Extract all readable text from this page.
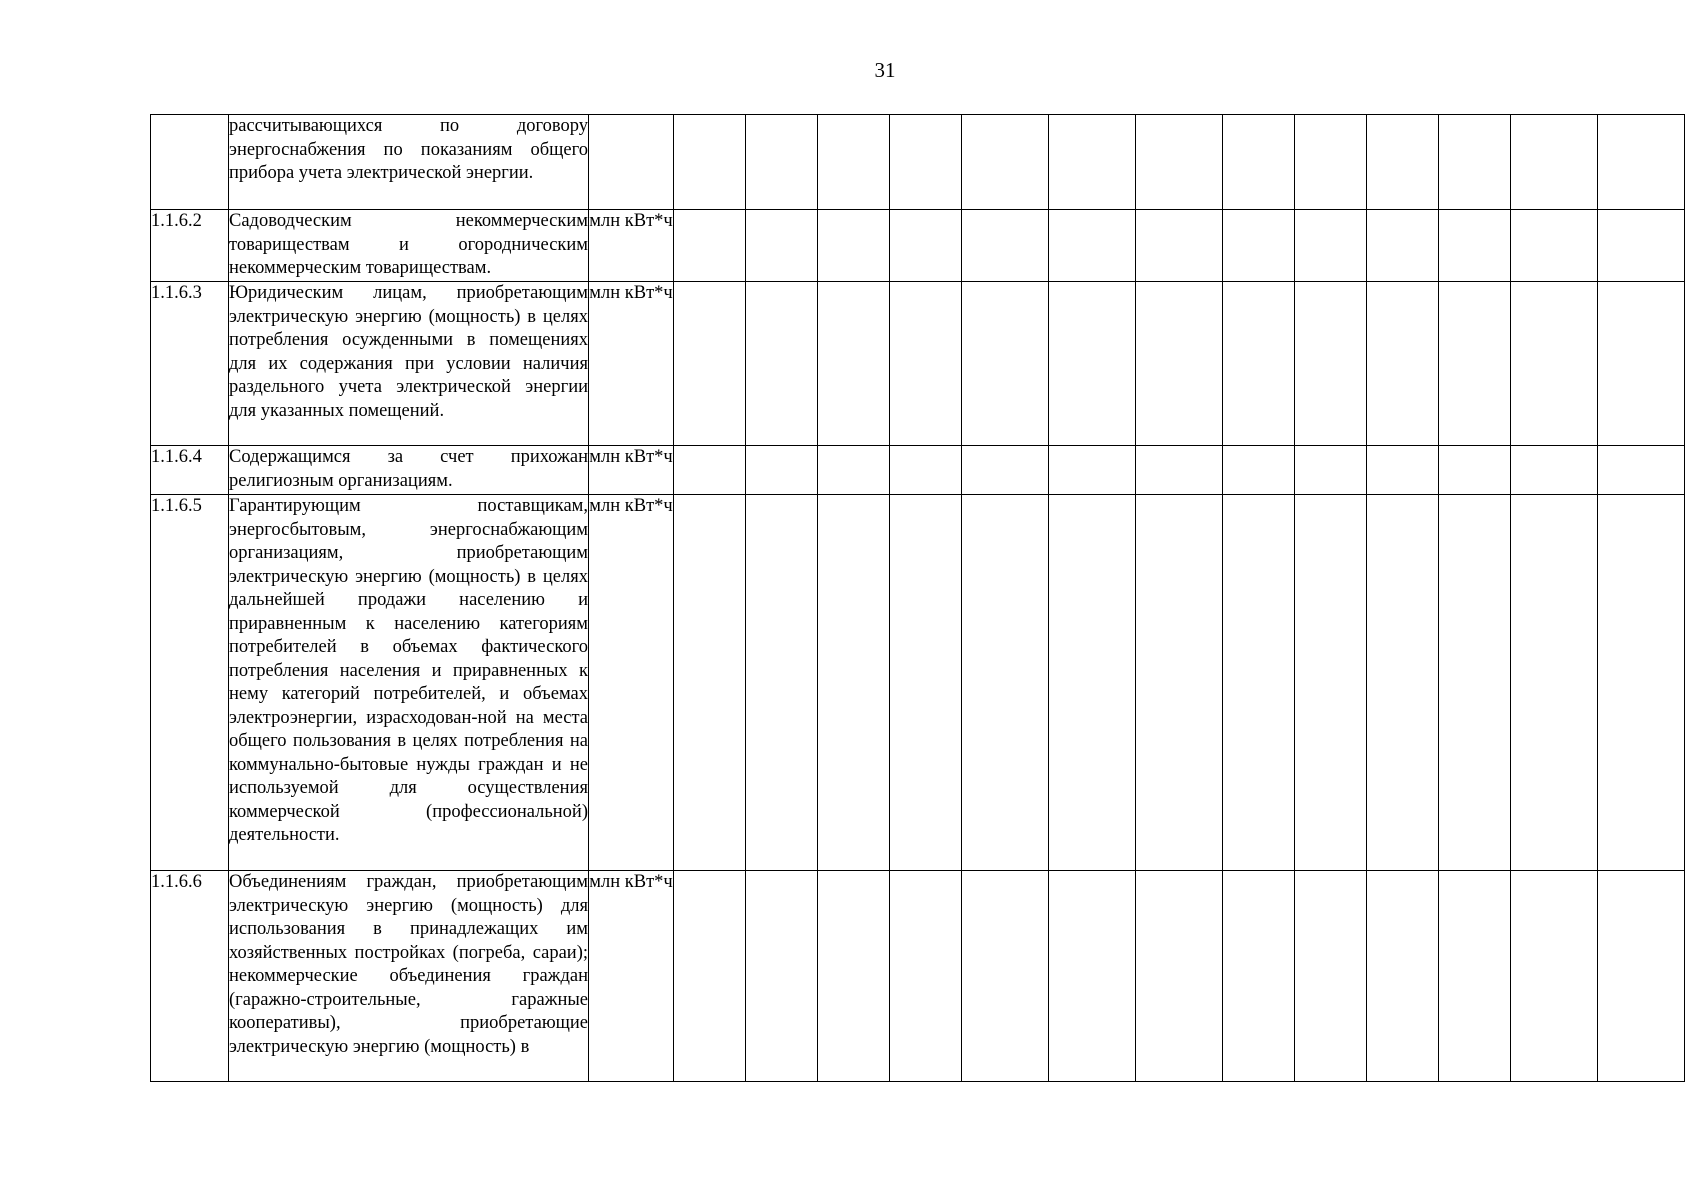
31

	рассчитывающихся по договору энергоснабжения по показаниям общего прибора учета электрической энергии.														

1.1.6.2	Садоводческим некоммерческим товариществам и огородническим некоммерческим товариществам.	млн кВт*ч													
1.1.6.3	Юридическим лицам, приобретающим электрическую энергию (мощность) в целях потребления осужденными в помещениях для их содержания при условии наличия раздельного учета электрической энергии для указанных помещений.	млн кВт*ч													
1.1.6.4	Содержащимся за счет прихожан религиозным организациям.	млн кВт*ч													
1.1.6.5	Гарантирующим поставщикам, энергосбытовым, энергоснабжающим организациям, приобретающим электрическую энергию (мощность) в целях дальнейшей продажи населению и приравненным к населению категориям потребителей в объемах фактического потребления населения и приравненных к нему категорий потребителей, и объемах электроэнергии, израсходован-ной на места общего пользования в целях потребления на коммунально-бытовые нужды граждан и не используемой для осуществления коммерческой (профессиональной) деятельности.	млн кВт*ч													
1.1.6.6	Объединениям граждан, приобретающим электрическую энергию (мощность) для использования в принадлежащих им хозяйственных постройках (погреба, сараи); некоммерческие объединения граждан (гаражно-строительные, гаражные кооперативы), приобретающие электрическую энергию (мощность) в	млн кВт*ч													
